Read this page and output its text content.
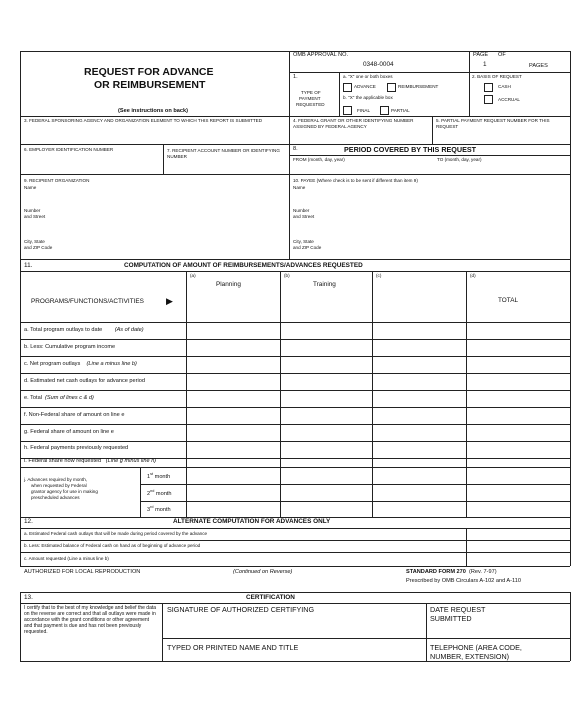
REQUEST FOR ADVANCE
OR REIMBURSEMENT
(See instructions on back)
OMB APPROVAL NO.
0348-0004
PAGE OF
1	PAGES
1.
TYPE OF
PAYMENT
REQUESTED
a. "X" one or both boxes
ADVANCE	REIMBURSEMENT
b. "X" the applicable box
FINAL	PARTIAL
2. BASIS OF REQUEST
CASH
ACCRUAL
3. FEDERAL SPONSORING AGENCY AND ORGANIZATION ELEMENT TO WHICH THIS REPORT IS SUBMITTED	4. FEDERAL GRANT OR OTHER IDENTIFYING NUMBER ASSIGNED BY FEDERAL AGENCY
5. PARTIAL PAYMENT REQUEST NUMBER FOR THIS REQUEST
6. EMPLOYER IDENTIFICATION NUMBER	7. RECIPIENT ACCOUNT NUMBER OR IDENTIFYING NUMBER
8.	PERIOD COVERED BY THIS REQUEST
FROM (month, day, year)	TO (month, day, year)
9. RECIPIENT ORGANIZATION
Name
Number
and Street
City, State
and ZIP Code
10. PAYEE (Where check is to be sent if different than item 9)
Name
Number
and Street
City, State
and ZIP Code
11.	COMPUTATION OF AMOUNT OF REIMBURSEMENTS/ADVANCES REQUESTED
PROGRAMS/FUNCTIONS/ACTIVITIES ▶
(a)	(b)	(c)	(d)
Planning	Training
TOTAL
a. Total program outlays to date (As of date)
b. Less: Cumulative program income
c. Net program outlays (Line a minus line b)
d. Estimated net cash outlays for advance period
e. Total (Sum of lines c & d)
f. Non-Federal share of amount on line e
g. Federal share of amount on line e
h. Federal payments previously requested
i. Federal share now requested (Line g minus line h)
j. Advances required by month,
when requested by Federal
grantor agency for use in making
prescheduled advances
1st month
2nd month
3rd month
12.	ALTERNATE COMPUTATION FOR ADVANCES ONLY
a. Estimated Federal cash outlays that will be made during period covered by the advance
b. Less: Estimated balance of Federal cash on hand as of beginning of advance period
c. Amount requested (Line a minus line b)
AUTHORIZED FOR LOCAL REPRODUCTION	(Continued on Reverse)	STANDARD FORM 270 (Rev. 7-97)
Prescribed by OMB Circulars A-102 and A-110
13.	CERTIFICATION
I certify that to the best of my knowledge and belief the data on the reverse are correct and that all outlays were made in accordance with the grant conditions or other agreement and that payment is due and has not been previously requested.
SIGNATURE OF AUTHORIZED CERTIFYING	DATE REQUEST
SUBMITTED
TYPED OR PRINTED NAME AND TITLE	TELEPHONE (AREA CODE,
NUMBER, EXTENSION)
